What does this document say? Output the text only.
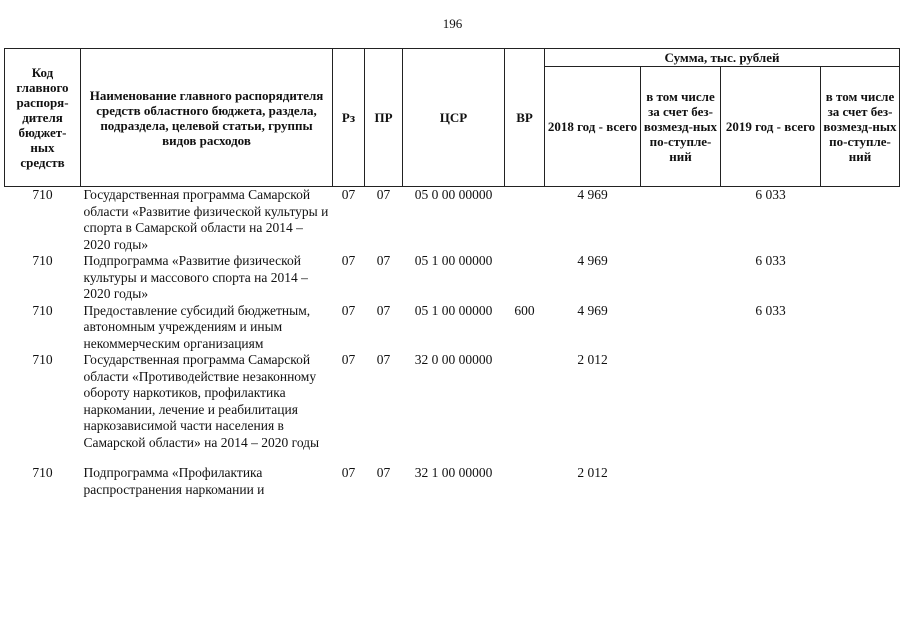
196
Код главного распоря-дителя бюджет-ных средств	Наименование главного распорядителя средств областного бюджета, раздела, подраздела, целевой статьи, группы видов расходов	Рз	ПР	ЦСР	ВР	Сумма, тыс. рублей			
						2018 год - всего	в том числе за счет без-возмезд-ных по-ступле-ний	2019 год - всего	в том числе за счет без-возмезд-ных по-ступле-ний
710	Государственная программа Самарской области «Развитие физической культуры и спорта в Самарской области на 2014 – 2020 годы»	07	07	05 0 00 00000		4 969		6 033	
710	Подпрограмма «Развитие физической культуры и массового спорта на 2014 – 2020 годы»	07	07	05 1 00 00000		4 969		6 033	
710	Предоставление субсидий бюджетным, автономным учреждениям и иным некоммерческим организациям	07	07	05 1 00 00000	600	4 969		6 033	
710	Государственная программа Самарской области «Противодействие незаконному обороту наркотиков, профилактика наркомании, лечение и реабилитация наркозависимой части населения в Самарской области» на 2014 – 2020 годы	07	07	32 0 00 00000		2 012			
710	Подпрограмма «Профилактика распространения наркомании и	07	07	32 1 00 00000		2 012			
